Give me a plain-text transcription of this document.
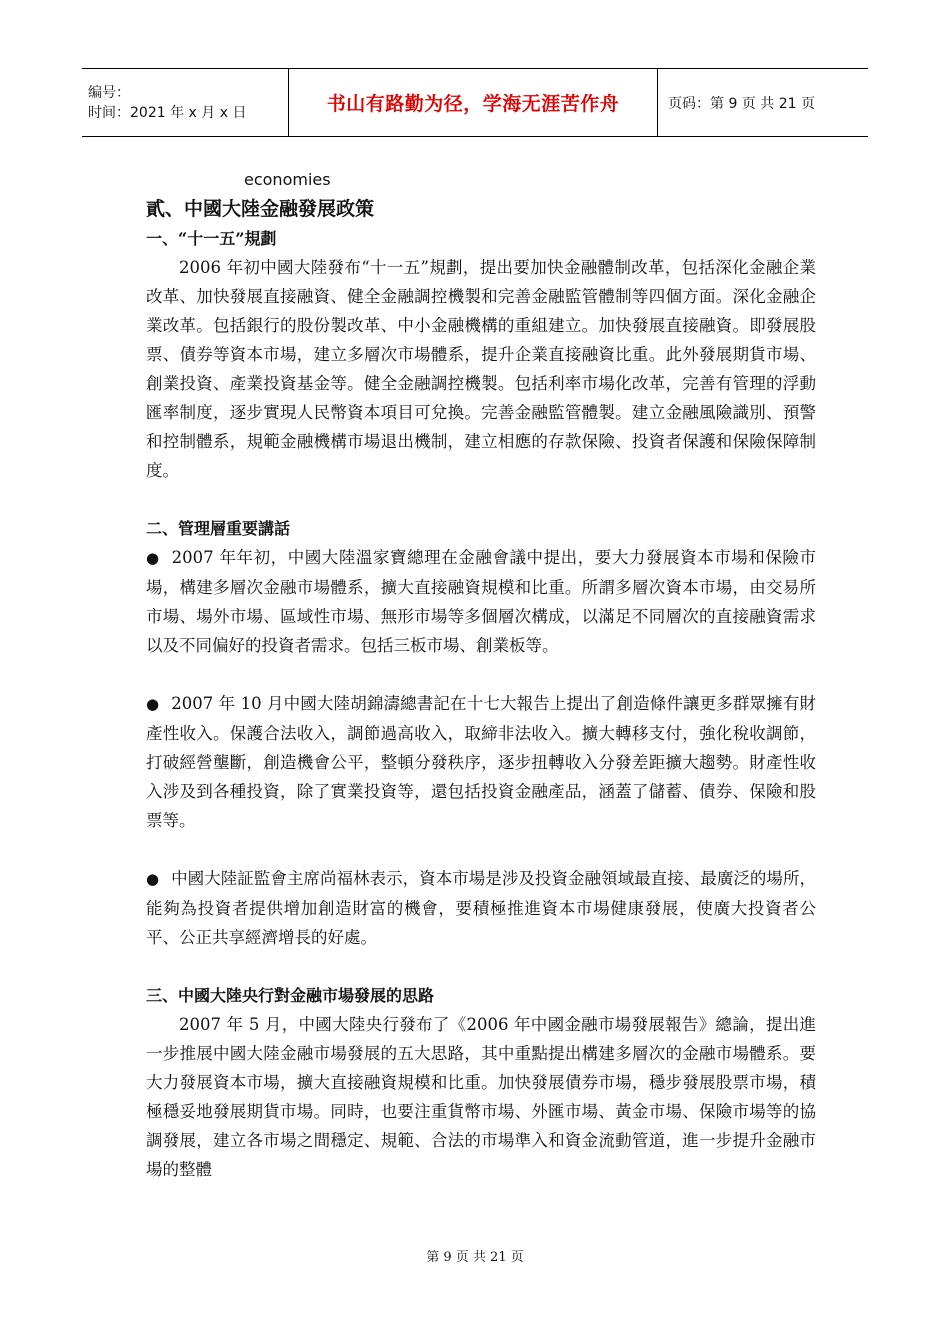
编号：
时间：2021 年 x 月 x 日	书山有路勤为径，学海无涯苦作舟	页码：第 9 页 共 21 页
economies
貳、中國大陸金融發展政策
一、“十一五”規劃
2006 年初中國大陸發布“十一五”規劃，提出要加快金融體制改革，包括深化金融企業改革、加快發展直接融資、健全金融調控機製和完善金融監管體制等四個方面。深化金融企業改革。包括銀行的股份製改革、中小金融機構的重組建立。加快發展直接融資。即發展股票、債券等資本市場，建立多層次市場體系，提升企業直接融資比重。此外發展期貨市場、創業投資、產業投資基金等。健全金融調控機製。包括利率市場化改革，完善有管理的浮動匯率制度，逐步實現人民幣資本項目可兌換。完善金融監管體製。建立金融風險識別、預警和控制體系，規範金融機構市場退出機制，建立相應的存款保險、投資者保護和保險保障制度。
二、管理層重要講話
● 2007 年年初，中國大陸溫家寶總理在金融會議中提出，要大力發展資本市場和保險市場，構建多層次金融市場體系，擴大直接融資規模和比重。所謂多層次資本市場，由交易所市場、場外市場、區域性市場、無形市場等多個層次構成，以滿足不同層次的直接融資需求以及不同偏好的投資者需求。包括三板市場、創業板等。
● 2007 年 10 月中國大陸胡錦濤總書記在十七大報告上提出了創造條件讓更多群眾擁有財產性收入。保護合法收入，調節過高收入，取締非法收入。擴大轉移支付，強化稅收調節，打破經營壟斷，創造機會公平，整頓分發秩序，逐步扭轉收入分發差距擴大趨勢。財產性收入涉及到各種投資，除了實業投資等，還包括投資金融產品，涵蓋了儲蓄、債券、保險和股票等。
● 中國大陸証監會主席尚福林表示，資本市場是涉及投資金融領域最直接、最廣泛的場所，能夠為投資者提供增加創造財富的機會，要積極推進資本市場健康發展，使廣大投資者公平、公正共享經濟增長的好處。
三、中國大陸央行對金融市場發展的思路
2007 年 5 月，中國大陸央行發布了《2006 年中國金融市場發展報告》總論，提出進一步推展中國大陸金融市場發展的五大思路，其中重點提出構建多層次的金融市場體系。要大力發展資本市場，擴大直接融資規模和比重。加快發展債券市場，穩步發展股票市場，積極穩妥地發展期貨市場。同時，也要注重貨幣市場、外匯市場、黃金市場、保險市場等的協調發展，建立各市場之間穩定、規範、合法的市場準入和資金流動管道，進一步提升金融市場的整體
第 9 页 共 21 页
